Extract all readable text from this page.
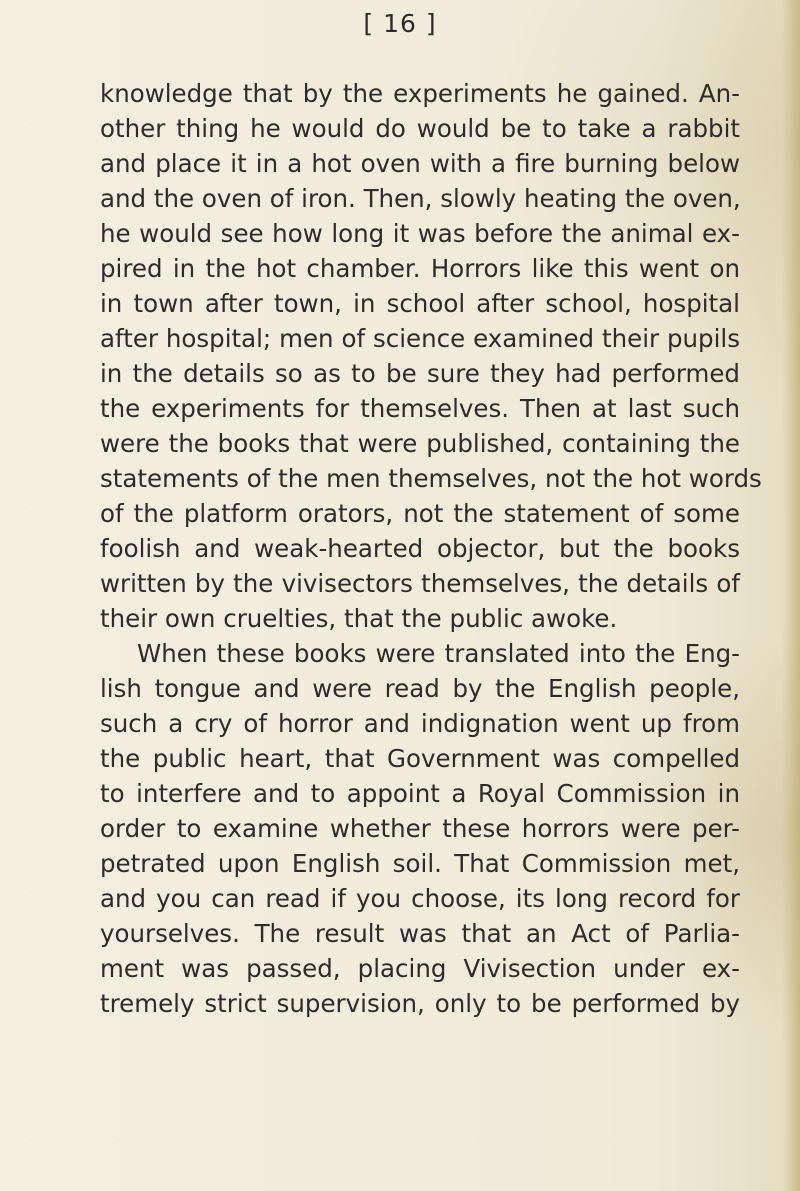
[ 16 ]
knowledge that by the experiments he gained. An-
other thing he would do would be to take a rabbit
and place it in a hot oven with a fire burning below
and the oven of iron. Then, slowly heating the oven,
he would see how long it was before the animal ex-
pired in the hot chamber. Horrors like this went on
in town after town, in school after school, hospital
after hospital; men of science examined their pupils
in the details so as to be sure they had performed
the experiments for themselves. Then at last such
were the books that were published, containing the
statements of the men themselves, not the hot words
of the platform orators, not the statement of some
foolish and weak-hearted objector, but the books
written by the vivisectors themselves, the details of
their own cruelties, that the public awoke.
When these books were translated into the Eng-
lish tongue and were read by the English people,
such a cry of horror and indignation went up from
the public heart, that Government was compelled
to interfere and to appoint a Royal Commission in
order to examine whether these horrors were per-
petrated upon English soil. That Commission met,
and you can read if you choose, its long record for
yourselves. The result was that an Act of Parlia-
ment was passed, placing Vivisection under ex-
tremely strict supervision, only to be performed by
